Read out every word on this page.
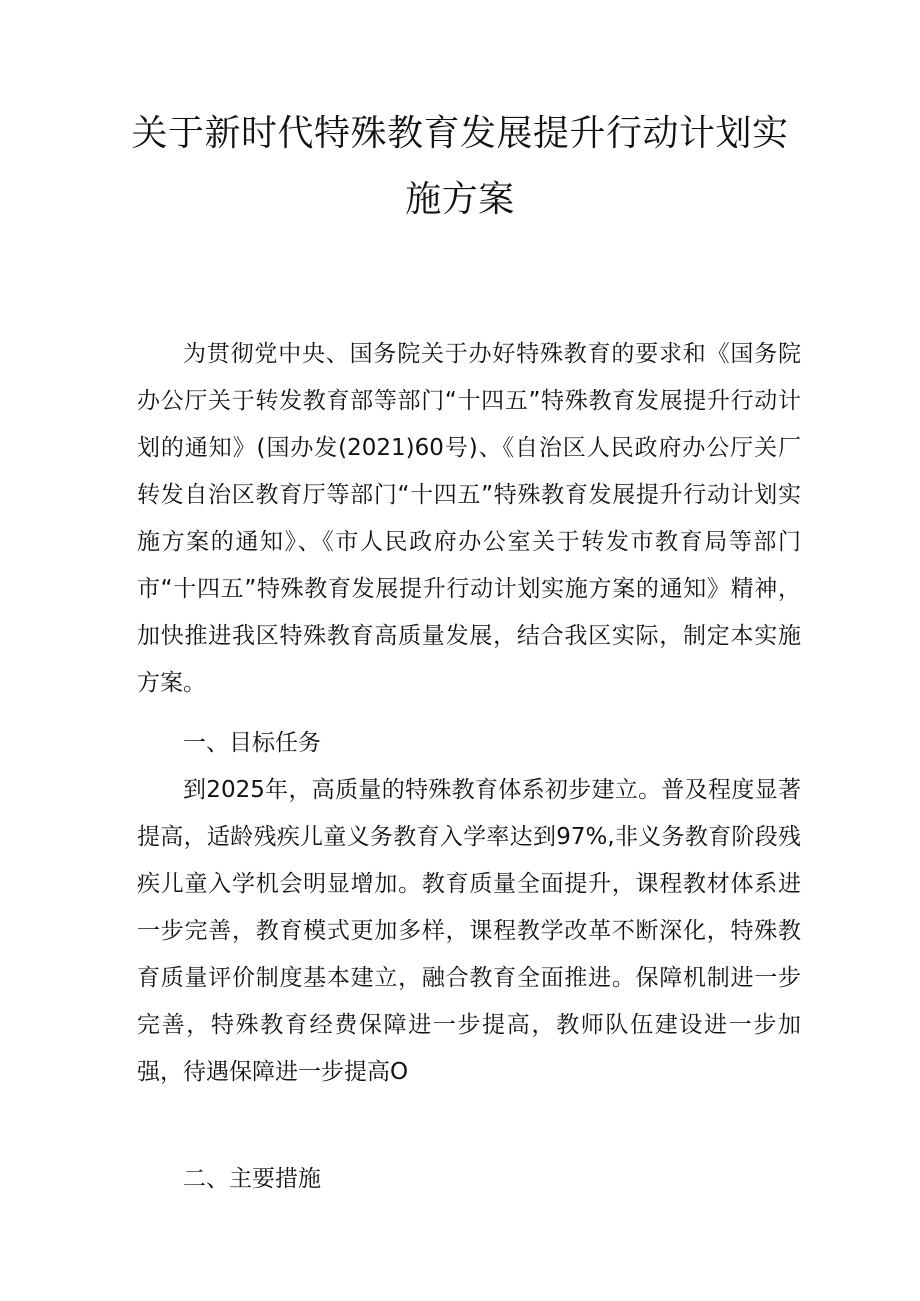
关于新时代特殊教育发展提升行动计划实
施方案

为贯彻党中央、国务院关于办好特殊教育的要求和《国务院办公厅关于转发教育部等部门“十四五”特殊教育发展提升行动计划的通知》(国办发(2021)60号)、《自治区人民政府办公厅关厂转发自治区教育厅等部门“十四五”特殊教育发展提升行动计划实施方案的通知》、《市人民政府办公室关于转发市教育局等部门市“十四五”特殊教育发展提升行动计划实施方案的通知》精神，加快推进我区特殊教育高质量发展，结合我区实际，制定本实施方案。

一、目标任务

到2025年，高质量的特殊教育体系初步建立。普及程度显著提高，适龄残疾儿童义务教育入学率达到97%,非义务教育阶段残疾儿童入学机会明显增加。教育质量全面提升，课程教材体系进一步完善，教育模式更加多样，课程教学改革不断深化，特殊教育质量评价制度基本建立，融合教育全面推进。保障机制进一步完善，特殊教育经费保障进一步提高，教师队伍建设进一步加强，待遇保障进一步提高O

二、主要措施
